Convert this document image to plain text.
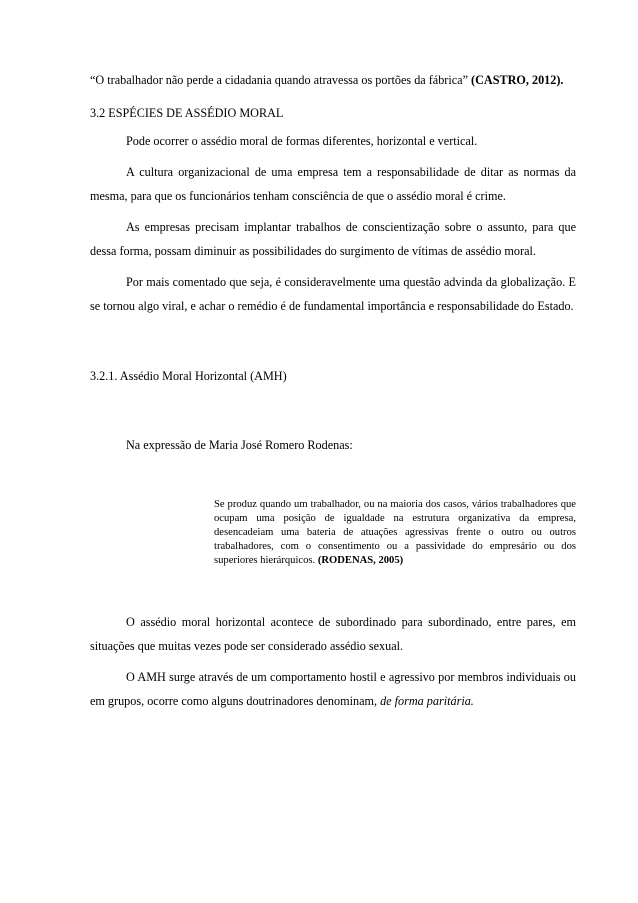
“O trabalhador não perde a cidadania quando atravessa os portões da fábrica” (CASTRO, 2012).

3.2 ESPÉCIES DE ASSÉDIO MORAL

Pode ocorrer o assédio moral de formas diferentes, horizontal e vertical.

A cultura organizacional de uma empresa tem a responsabilidade de ditar as normas da mesma, para que os funcionários tenham consciência de que o assédio moral é crime.

As empresas precisam implantar trabalhos de conscientização sobre o assunto, para que dessa forma, possam diminuir as possibilidades do surgimento de vítimas de assédio moral.

Por mais comentado que seja, é consideravelmente uma questão advinda da globalização. E se tornou algo viral, e achar o remédio é de fundamental importância e responsabilidade do Estado.

3.2.1. Assédio Moral Horizontal (AMH)

Na expressão de Maria José Romero Rodenas:

Se produz quando um trabalhador, ou na maioria dos casos, vários trabalhadores que ocupam uma posição de igualdade na estrutura organizativa da empresa, desencadeiam uma bateria de atuações agressivas frente o outro ou outros trabalhadores, com o consentimento ou a passividade do empresário ou dos superiores hierárquicos. (RODENAS, 2005)

O assédio moral horizontal acontece de subordinado para subordinado, entre pares, em situações que muitas vezes pode ser considerado assédio sexual.

O AMH surge através de um comportamento hostil e agressivo por membros individuais ou em grupos, ocorre como alguns doutrinadores denominam, de forma paritária.
